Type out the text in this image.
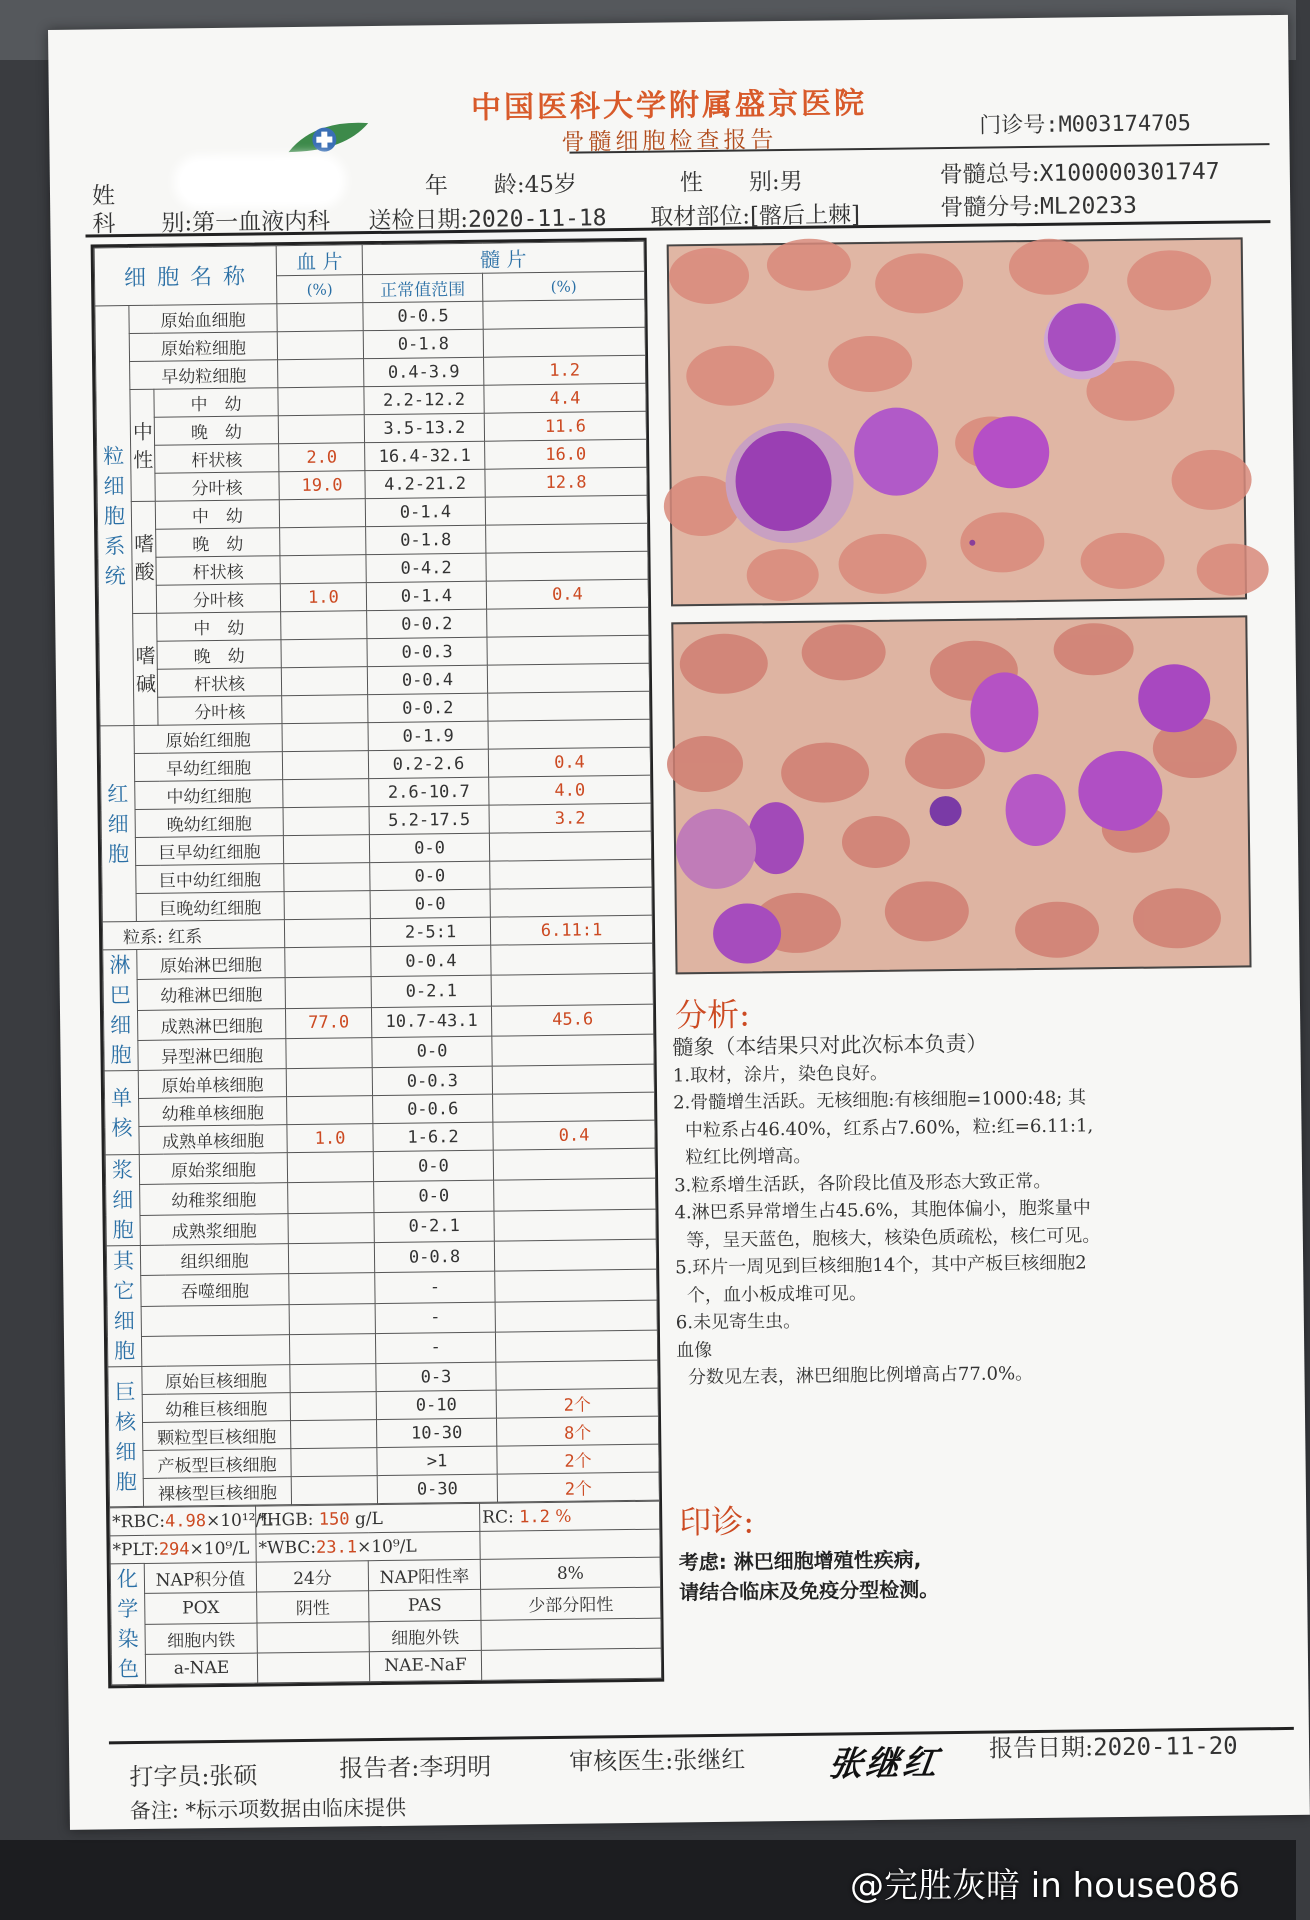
中国医科大学附属盛京医院
骨髓细胞检查报告
门诊号:M003174705
姓	年　　龄:45岁	性　　别:男	骨髓总号:X100000301747
科　　别:第一血液内科 送检日期:2020-11-18 取材部位:[髂后上棘]	骨髓分号:ML20233
细 胞 名 称			血 片	髓 片	
			(%)	正常值范围	(%)
粒细胞系统	原始血细胞			0-0.5	
	原始粒细胞			0-1.8	
	早幼粒细胞			0.4-3.9	1.2
	中性	中　幼		2.2-12.2	4.4
		晚　幼		3.5-13.2	11.6
		杆状核	2.0	16.4-32.1	16.0
		分叶核	19.0	4.2-21.2	12.8
	嗜酸	中　幼		0-1.4	
		晚　幼		0-1.8	
		杆状核		0-4.2	
		分叶核	1.0	0-1.4	0.4
	嗜碱	中　幼		0-0.2	
		晚　幼		0-0.3	
		杆状核		0-0.4	
		分叶核		0-0.2	
红细胞	原始红细胞			0-1.9	
	早幼红细胞			0.2-2.6	0.4
	中幼红细胞			2.6-10.7	4.0
	晚幼红细胞			5.2-17.5	3.2
	巨早幼红细胞			0-0	
	巨中幼红细胞			0-0	
	巨晚幼红细胞			0-0	
粒系: 红系				2-5:1	6.11:1
淋巴细胞	原始淋巴细胞			0-0.4	
	幼稚淋巴细胞			0-2.1	
	成熟淋巴细胞		77.0	10.7-43.1	45.6
	异型淋巴细胞			0-0	
单核	原始单核细胞			0-0.3	
	幼稚单核细胞			0-0.6	
	成熟单核细胞		1.0	1-6.2	0.4
浆细胞	原始浆细胞			0-0	
	幼稚浆细胞			0-0	
	成熟浆细胞			0-2.1	
其它细胞	组织细胞			0-0.8	
	吞噬细胞			-	
				-	
				-	
巨核细胞	原始巨核细胞			0-3	
	幼稚巨核细胞			0-10	2个
	颗粒型巨核细胞			10-30	8个
	产板型巨核细胞			>1	2个
	裸核型巨核细胞			0-30	2个
*RBC:4.98×10¹²/L		*HGB: 150 g/L		RC: 1.2 %
*PLT:294×10⁹/L		*WBC:23.1×10⁹/L		
化学染色	NAP积分值	24分	NAP阳性率	8%
	POX	阴性	PAS	少部分阳性
	细胞内铁		细胞外铁	
	a-NAE		NAE-NaF	
分析:
髓象（本结果只对此次标本负责）
1.取材，涂片，染色良好。
2.骨髓增生活跃。无核细胞:有核细胞=1000:48; 其
中粒系占46.40%，红系占7.60%，粒:红=6.11:1,
粒红比例增高。
3.粒系增生活跃，各阶段比值及形态大致正常。
4.淋巴系异常增生占45.6%，其胞体偏小，胞浆量中
等，呈天蓝色，胞核大，核染色质疏松，核仁可见。
5.环片一周见到巨核细胞14个，其中产板巨核细胞2
个，血小板成堆可见。
6.未见寄生虫。
血像
分数见左表，淋巴细胞比例增高占77.0%。
印诊:
考虑: 淋巴细胞增殖性疾病,
请结合临床及免疫分型检测。
打字员:张硕	报告者:李玥明	审核医生:张继红 张继红 报告日期:2020-11-20
备注: *标示项数据由临床提供
@完胜灰暗 in house086
